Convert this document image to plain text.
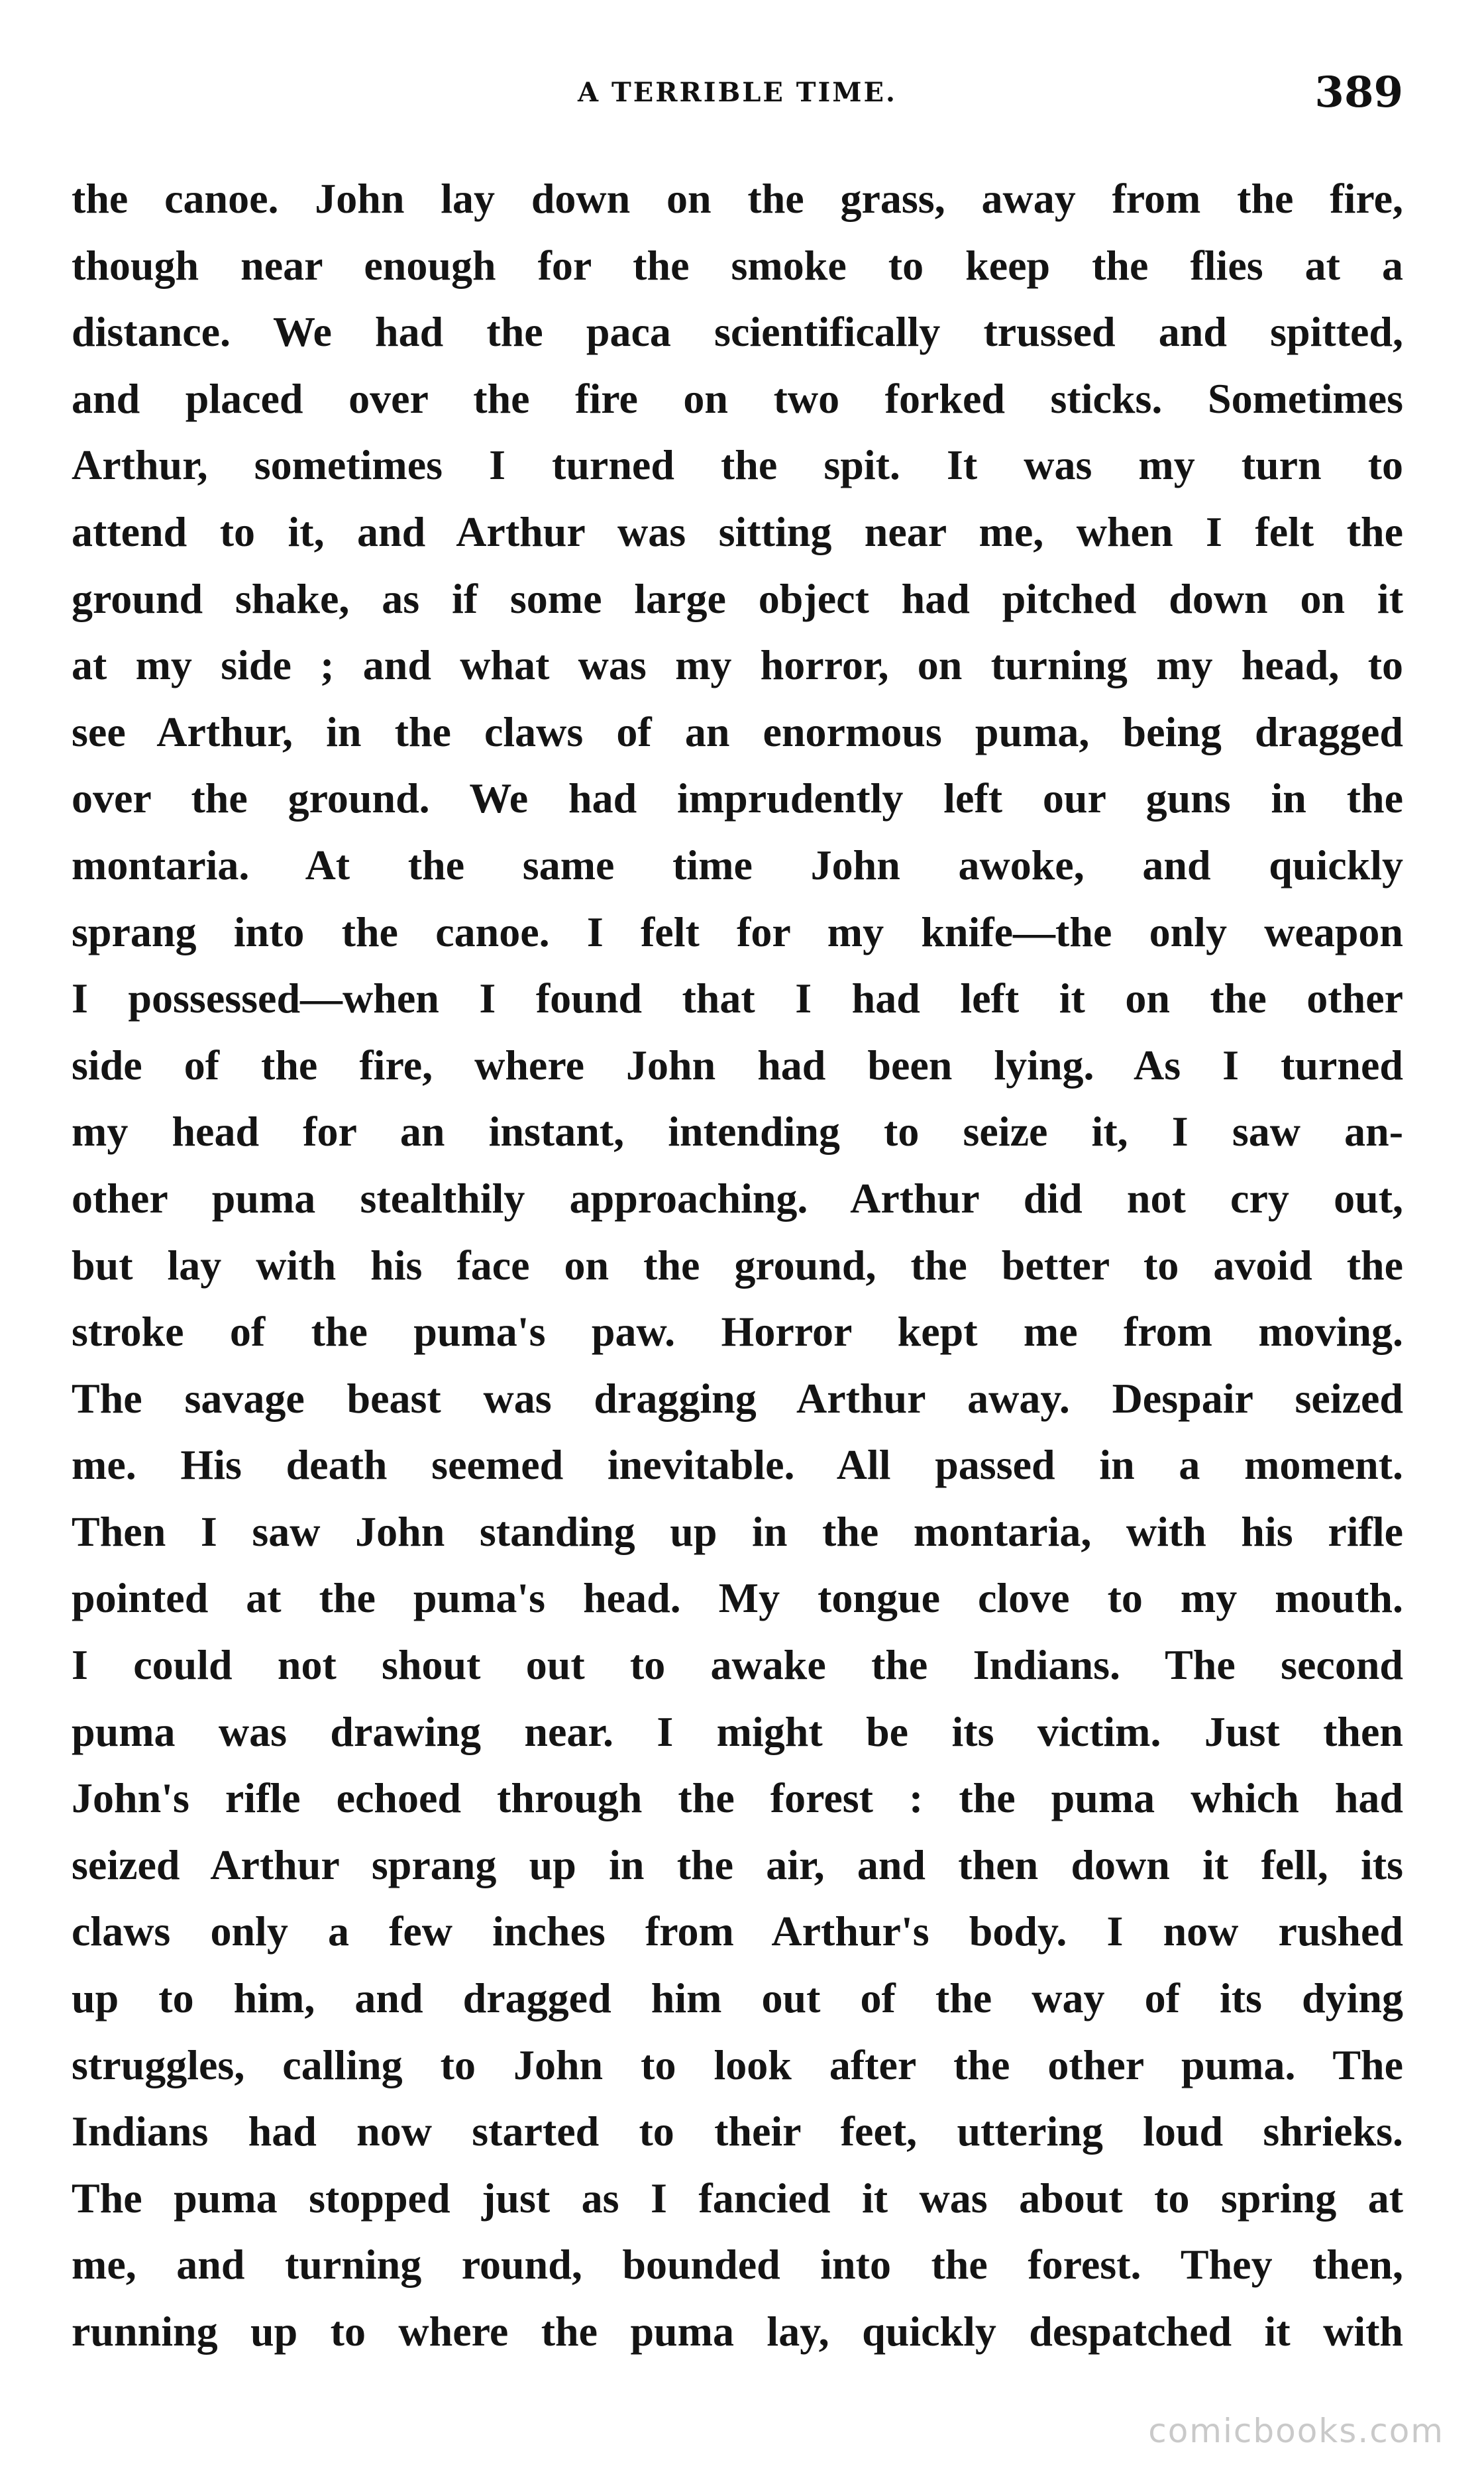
A TERRIBLE TIME.	389
the canoe. John lay down on the grass, away from the fire,
though near enough for the smoke to keep the flies at a
distance. We had the paca scientifically trussed and spitted,
and placed over the fire on two forked sticks. Sometimes
Arthur, sometimes I turned the spit. It was my turn to
attend to it, and Arthur was sitting near me, when I felt the
ground shake, as if some large object had pitched down on it
at my side ; and what was my horror, on turning my head, to
see Arthur, in the claws of an enormous puma, being dragged
over the ground. We had imprudently left our guns in the
montaria. At the same time John awoke, and quickly
sprang into the canoe. I felt for my knife—the only weapon
I possessed—when I found that I had left it on the other
side of the fire, where John had been lying. As I turned
my head for an instant, intending to seize it, I saw an-
other puma stealthily approaching. Arthur did not cry out,
but lay with his face on the ground, the better to avoid the
stroke of the puma's paw. Horror kept me from moving.
The savage beast was dragging Arthur away. Despair seized
me. His death seemed inevitable. All passed in a moment.
Then I saw John standing up in the montaria, with his rifle
pointed at the puma's head. My tongue clove to my mouth.
I could not shout out to awake the Indians. The second
puma was drawing near. I might be its victim. Just then
John's rifle echoed through the forest : the puma which had
seized Arthur sprang up in the air, and then down it fell, its
claws only a few inches from Arthur's body. I now rushed
up to him, and dragged him out of the way of its dying
struggles, calling to John to look after the other puma. The
Indians had now started to their feet, uttering loud shrieks.
The puma stopped just as I fancied it was about to spring at
me, and turning round, bounded into the forest. They then,
running up to where the puma lay, quickly despatched it with
comicbooks.com
